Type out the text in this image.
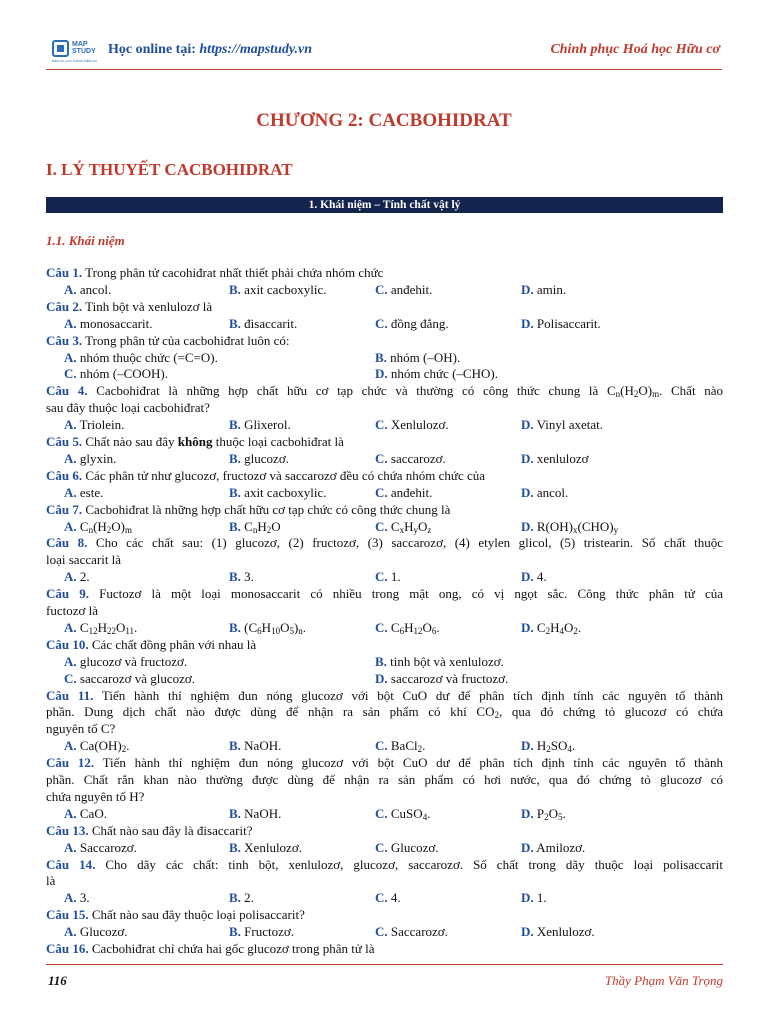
MAP
STUDY
BIẾN SỰ HỌC THÀNH NIỀM VUI
Học online tại: https://mapstudy.vn	Chinh phục Hoá học Hữu cơ
CHƯƠNG 2: CACBOHIDRAT
I. LÝ THUYẾT CACBOHIDRAT
1. Khái niệm – Tính chất vật lý
1.1. Khái niệm
Câu 1. Trong phân tử cacohiđrat nhất thiết phải chứa nhóm chức
A. ancol.	B. axit cacboxylic.	C. anđehit.	D. amin.
Câu 2. Tinh bột và xenlulozơ là
A. monosaccarit.	B. đisaccarit.	C. đồng đẳng.	D. Polisaccarit.
Câu 3. Trong phân tử của cacbohiđrat luôn có:
A. nhóm thuộc chức (=C=O).	B. nhóm (–OH).
C. nhóm (–COOH).	D. nhóm chức (–CHO).
Câu 4. Cacbohiđrat là những hợp chất hữu cơ tạp chức và thường có công thức chung là $C_n(H_2O)_m$. Chất nào
sau đây thuộc loại cacbohiđrat?
A. Triolein.	B. Glixerol.	C. Xenlulozơ.	D. Vinyl axetat.
Câu 5. Chất nào sau đây không thuộc loại cacbohiđrat là
A. glyxin.	B. glucozơ.	C. saccarozơ.	D. xenlulozơ
Câu 6. Các phân tử như glucozơ, fructozơ và saccarozơ đều có chứa nhóm chức của
A. este.	B. axit cacboxylic.	C. anđehit.	D. ancol.
Câu 7. Cacbohiđrat là những hợp chất hữu cơ tạp chức có công thức chung là
A. $C_n(H_2O)_m$	B. $C_nH_2O$	C. $C_xH_yO_z$	D. $R(OH)_x(CHO)_y$
Câu 8. Cho các chất sau: (1) glucozơ, (2) fructozơ, (3) saccarozơ, (4) etylen glicol, (5) tristearin. Số chất thuộc
loại saccarit là
A. 2.	B. 3.	C. 1.	D. 4.
Câu 9. Fuctozơ là một loại monosaccarit có nhiều trong mật ong, có vị ngọt sắc. Công thức phân tử của
fuctozơ là
A. $C_{12}H_{22}O_{11}$.	B. $(C_6H_{10}O_5)_n$.	C. $C_6H_{12}O_6$.	D. $C_2H_4O_2$.
Câu 10. Các chất đồng phân với nhau là
A. glucozơ và fructozơ.	B. tinh bột và xenlulozơ.
C. saccarozơ và glucozơ.	D. saccarozơ và fructozơ.
Câu 11. Tiến hành thí nghiệm đun nóng glucozơ với bột CuO dư để phân tích định tính các nguyên tố thành
phần. Dung dịch chất nào được dùng để nhận ra sản phẩm có khí $CO_2$, qua đó chứng tỏ glucozơ có chứa
nguyên tố C?
A. $Ca(OH)_2$.	B. NaOH.	C. BaCl$_2$.	D. $H_2SO_4$.
Câu 12. Tiến hành thí nghiệm đun nóng glucozơ với bột CuO dư để phân tích định tính các nguyên tố thành
phần. Chất rắn khan nào thường được dùng để nhận ra sản phẩm có hơi nước, qua đó chứng tỏ glucozơ có
chứa nguyên tố H?
A. CaO.	B. NaOH.	C. CuSO$_4$.	D. $P_2O_5$.
Câu 13. Chất nào sau đây là đisaccarit?
A. Saccarozơ.	B. Xenlulozơ.	C. Glucozơ.	D. Amilozơ.
Câu 14. Cho dãy các chất: tinh bột, xenlulozơ, glucozơ, saccarozơ. Số chất trong dãy thuộc loại polisaccarit
là
A. 3.	B. 2.	C. 4.	D. 1.
Câu 15. Chất nào sau đây thuộc loại polisaccarit?
A. Glucozơ.	B. Fructozơ.	C. Saccarozơ.	D. Xenlulozơ.
Câu 16. Cacbohiđrat chỉ chứa hai gốc glucozơ trong phân tử là
116	Thầy Phạm Văn Trọng
